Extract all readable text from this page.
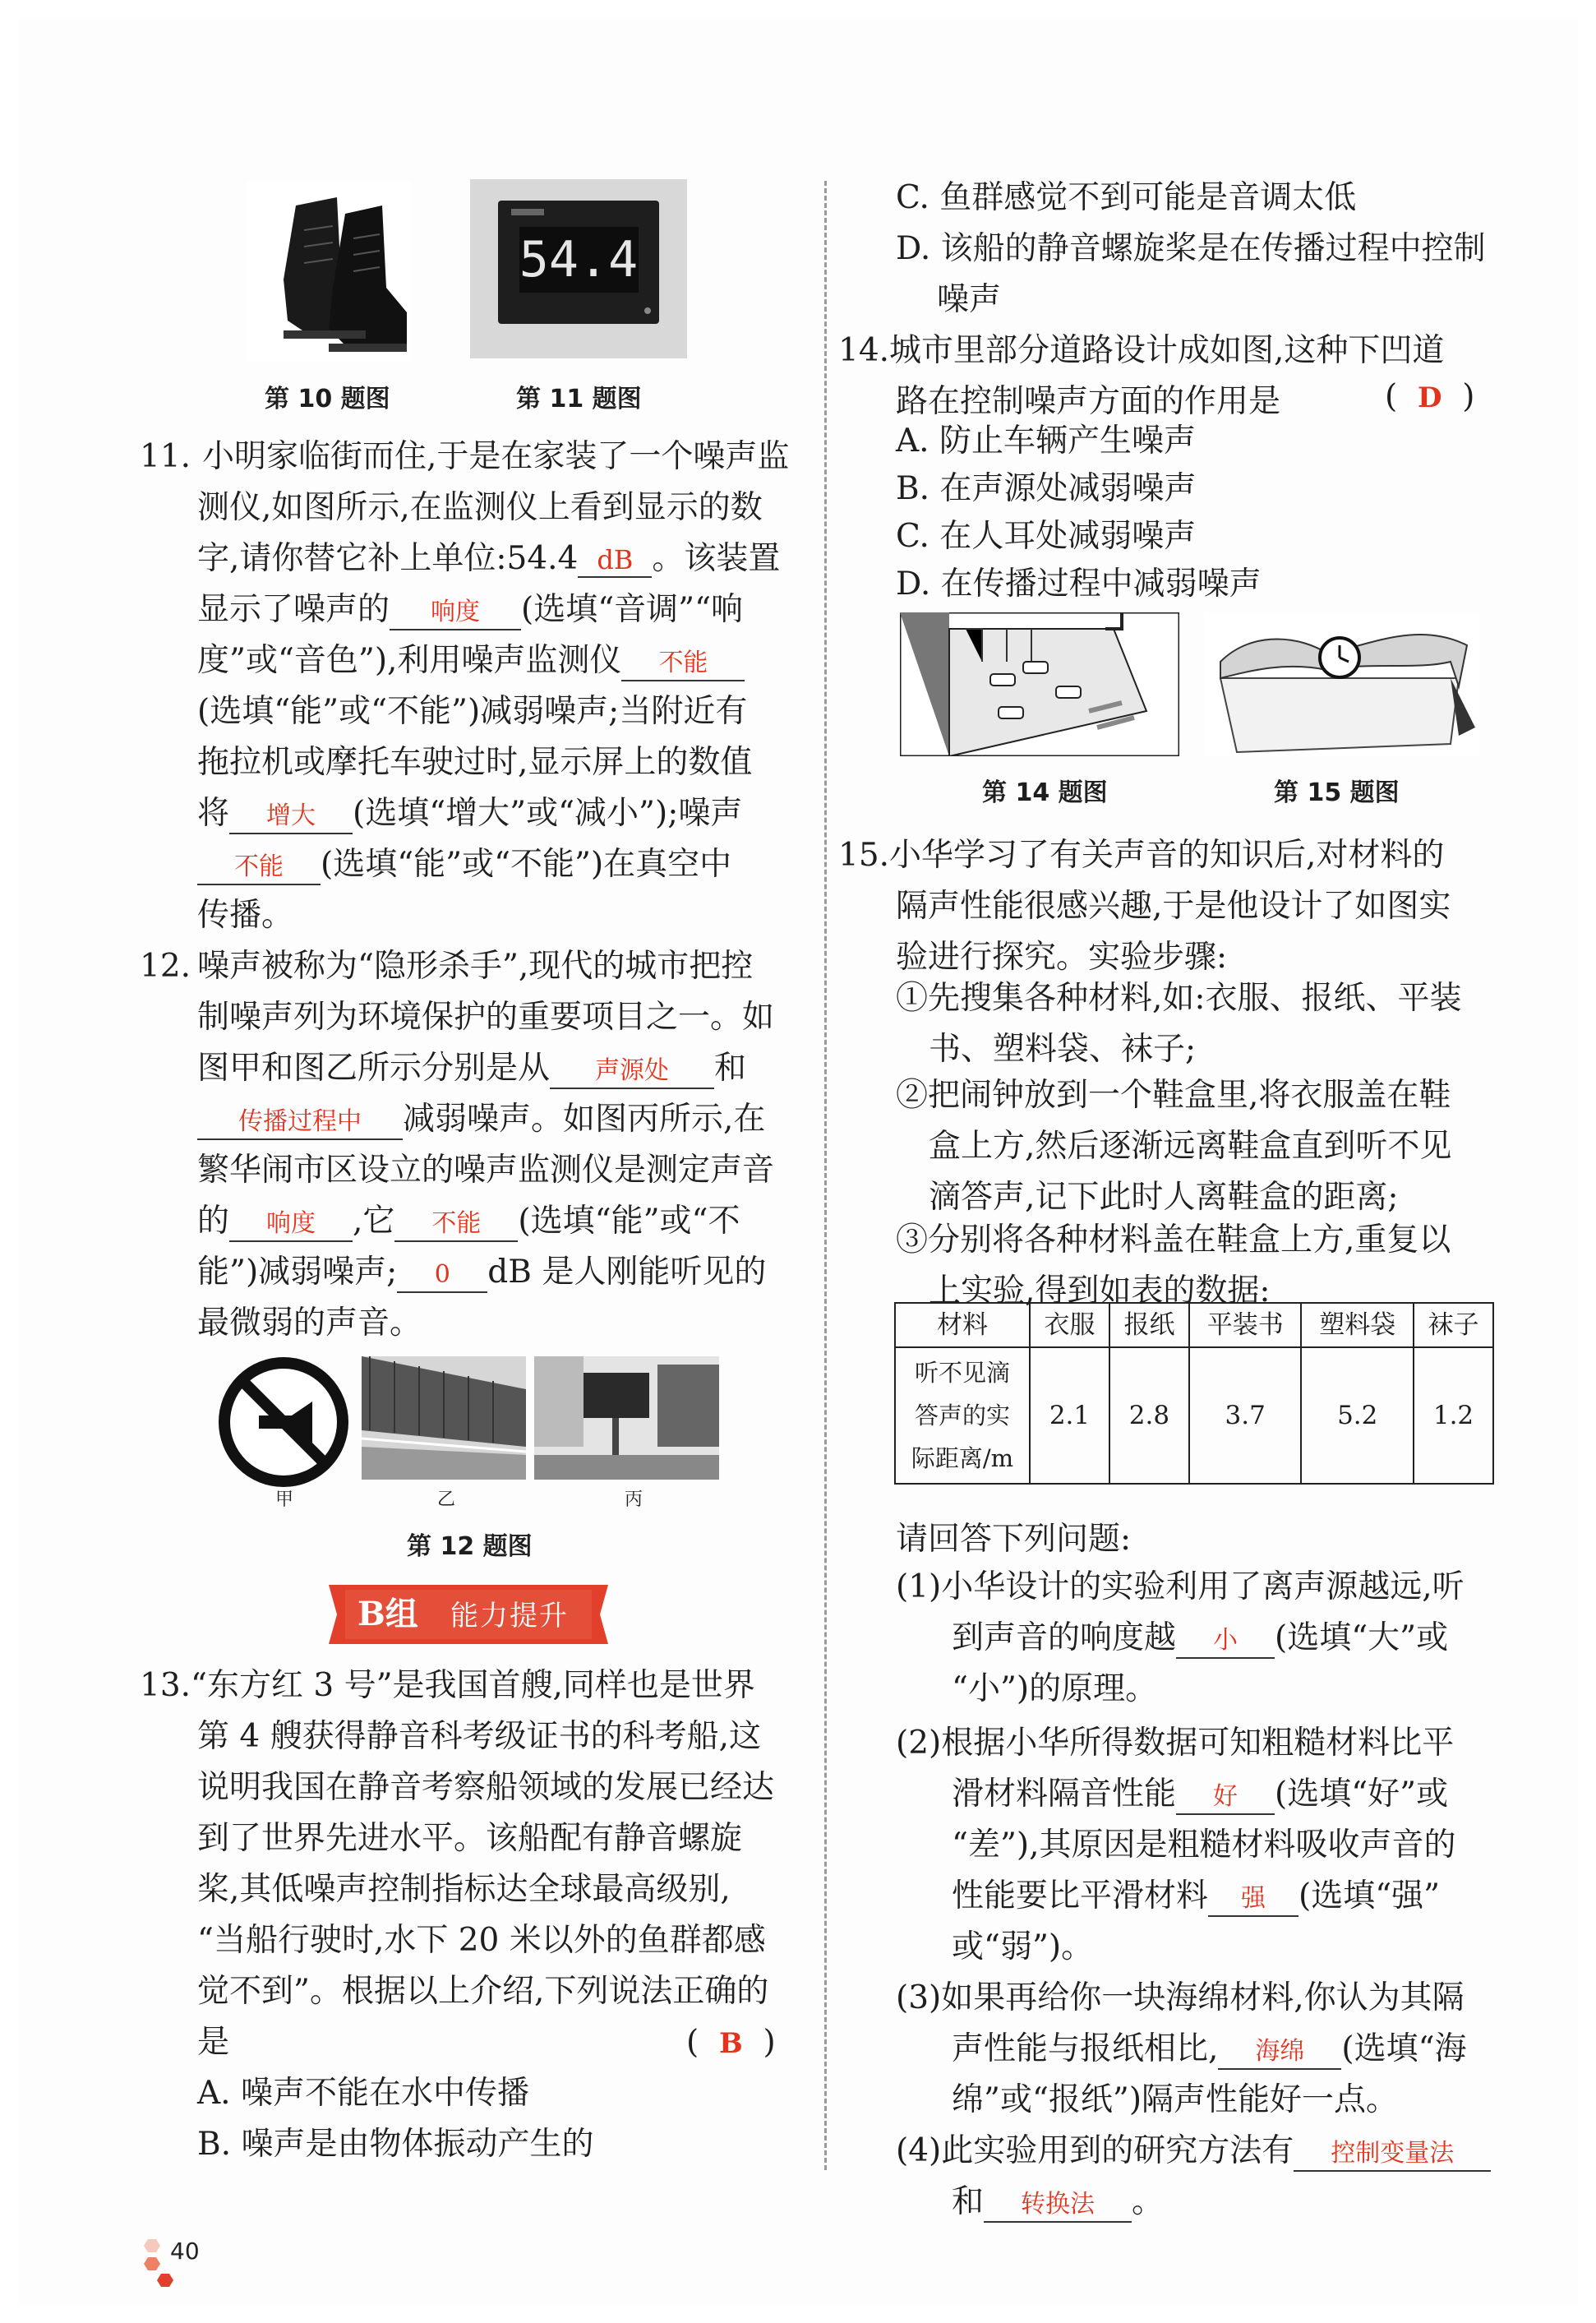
第 10 题图
54.4
第 11 题图
11. 小明家临街而住,于是在家装了一个噪声监
测仪,如图所示,在监测仪上看到显示的数
字,请你替它补上单位:54.4 dB 。该装置
显示了噪声的 响度 (选填“音调”“响
度”或“音色”),利用噪声监测仪 不能
(选填“能”或“不能”)减弱噪声;当附近有
拖拉机或摩托车驶过时,显示屏上的数值
将 增大 (选填“增大”或“减小”);噪声
不能 (选填“能”或“不能”)在真空中
传播。
12. 噪声被称为“隐形杀手”,现代的城市把控
制噪声列为环境保护的重要项目之一。如
图甲和图乙所示分别是从 声源处 和
传播过程中 减弱噪声。如图丙所示,在
繁华闹市区设立的噪声监测仪是测定声音
的 响度 ,它 不能 (选填“能”或“不
能”)减弱噪声; 0 dB 是人刚能听见的
最微弱的声音。
甲	乙	丙
第 12 题图
B组 能力提升
13.“东方红 3 号”是我国首艘,同样也是世界
第 4 艘获得静音科考级证书的科考船,这
说明我国在静音考察船领域的发展已经达
到了世界先进水平。该船配有静音螺旋
桨,其低噪声控制指标达全球最高级别,
“当船行驶时,水下 20 米以外的鱼群都感
觉不到”。根据以上介绍,下列说法正确的
是	(  B  )
A. 噪声不能在水中传播
B. 噪声是由物体振动产生的
40
C. 鱼群感觉不到可能是音调太低
D. 该船的静音螺旋桨是在传播过程中控制
噪声
14.城市里部分道路设计成如图,这种下凹道
路在控制噪声方面的作用是	(  D  )
A. 防止车辆产生噪声
B. 在声源处减弱噪声
C. 在人耳处减弱噪声
D. 在传播过程中减弱噪声
第 14 题图	第 15 题图
15.小华学习了有关声音的知识后,对材料的
隔声性能很感兴趣,于是他设计了如图实
验进行探究。实验步骤:
①先搜集各种材料,如:衣服、报纸、平装
书、塑料袋、袜子;
②把闹钟放到一个鞋盒里,将衣服盖在鞋
盒上方,然后逐渐远离鞋盒直到听不见
滴答声,记下此时人离鞋盒的距离;
③分别将各种材料盖在鞋盒上方,重复以
上实验,得到如表的数据:
材料	衣服	报纸	平装书	塑料袋	袜子
听不见滴
答声的实
际距离/m	2.1	2.8	3.7	5.2	1.2
请回答下列问题:
(1)小华设计的实验利用了离声源越远,听
到声音的响度越 小 (选填“大”或
“小”)的原理。
(2)根据小华所得数据可知粗糙材料比平
滑材料隔音性能 好 (选填“好”或
“差”),其原因是粗糙材料吸收声音的
性能要比平滑材料 强 (选填“强”
或“弱”)。
(3)如果再给你一块海绵材料,你认为其隔
声性能与报纸相比, 海绵 (选填“海
绵”或“报纸”)隔声性能好一点。
(4)此实验用到的研究方法有 控制变量法
和 转换法 。
